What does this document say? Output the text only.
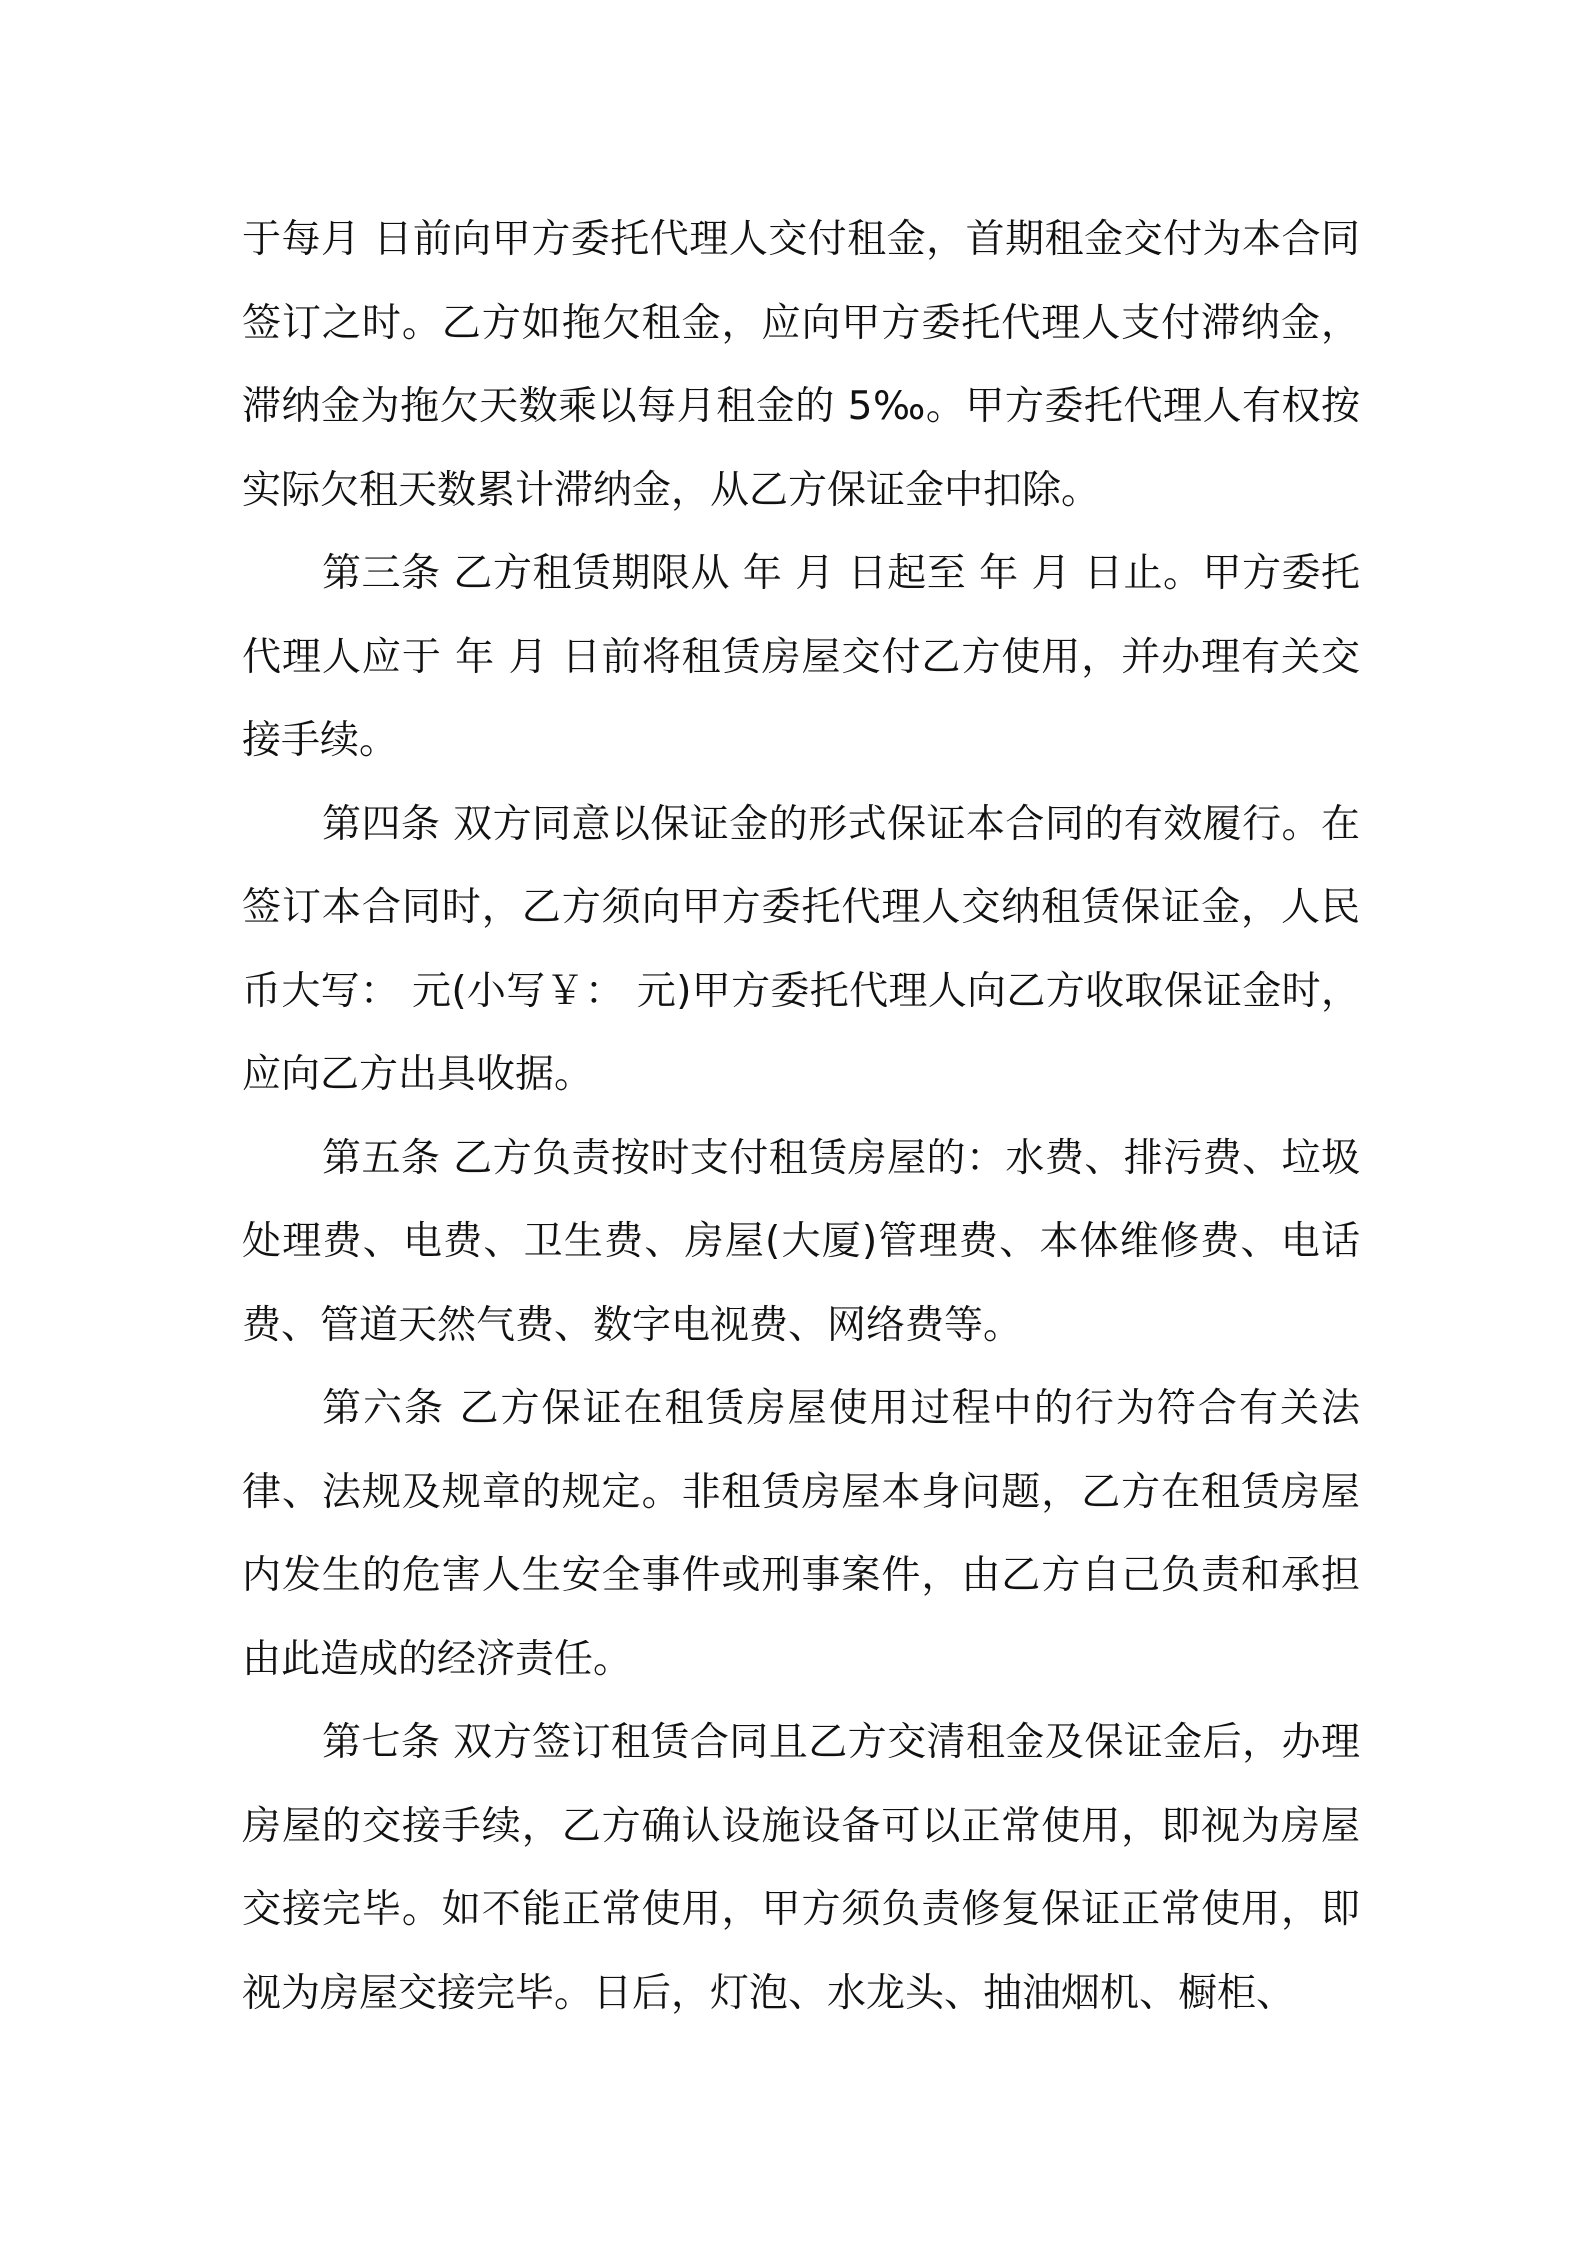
于每月 日前向甲方委托代理人交付租金，首期租金交付为本合同签订之时。乙方如拖欠租金，应向甲方委托代理人支付滞纳金，滞纳金为拖欠天数乘以每月租金的 5‰。甲方委托代理人有权按实际欠租天数累计滞纳金，从乙方保证金中扣除。

第三条 乙方租赁期限从 年 月 日起至 年 月 日止。甲方委托代理人应于 年 月 日前将租赁房屋交付乙方使用，并办理有关交接手续。

第四条 双方同意以保证金的形式保证本合同的有效履行。在签订本合同时，乙方须向甲方委托代理人交纳租赁保证金，人民币大写： 元(小写￥： 元)甲方委托代理人向乙方收取保证金时，应向乙方出具收据。

第五条 乙方负责按时支付租赁房屋的：水费、排污费、垃圾处理费、电费、卫生费、房屋(大厦)管理费、本体维修费、电话费、管道天然气费、数字电视费、网络费等。

第六条 乙方保证在租赁房屋使用过程中的行为符合有关法律、法规及规章的规定。非租赁房屋本身问题，乙方在租赁房屋内发生的危害人生安全事件或刑事案件，由乙方自己负责和承担由此造成的经济责任。

第七条 双方签订租赁合同且乙方交清租金及保证金后，办理房屋的交接手续，乙方确认设施设备可以正常使用，即视为房屋交接完毕。如不能正常使用，甲方须负责修复保证正常使用，即视为房屋交接完毕。日后，灯泡、水龙头、抽油烟机、橱柜、
